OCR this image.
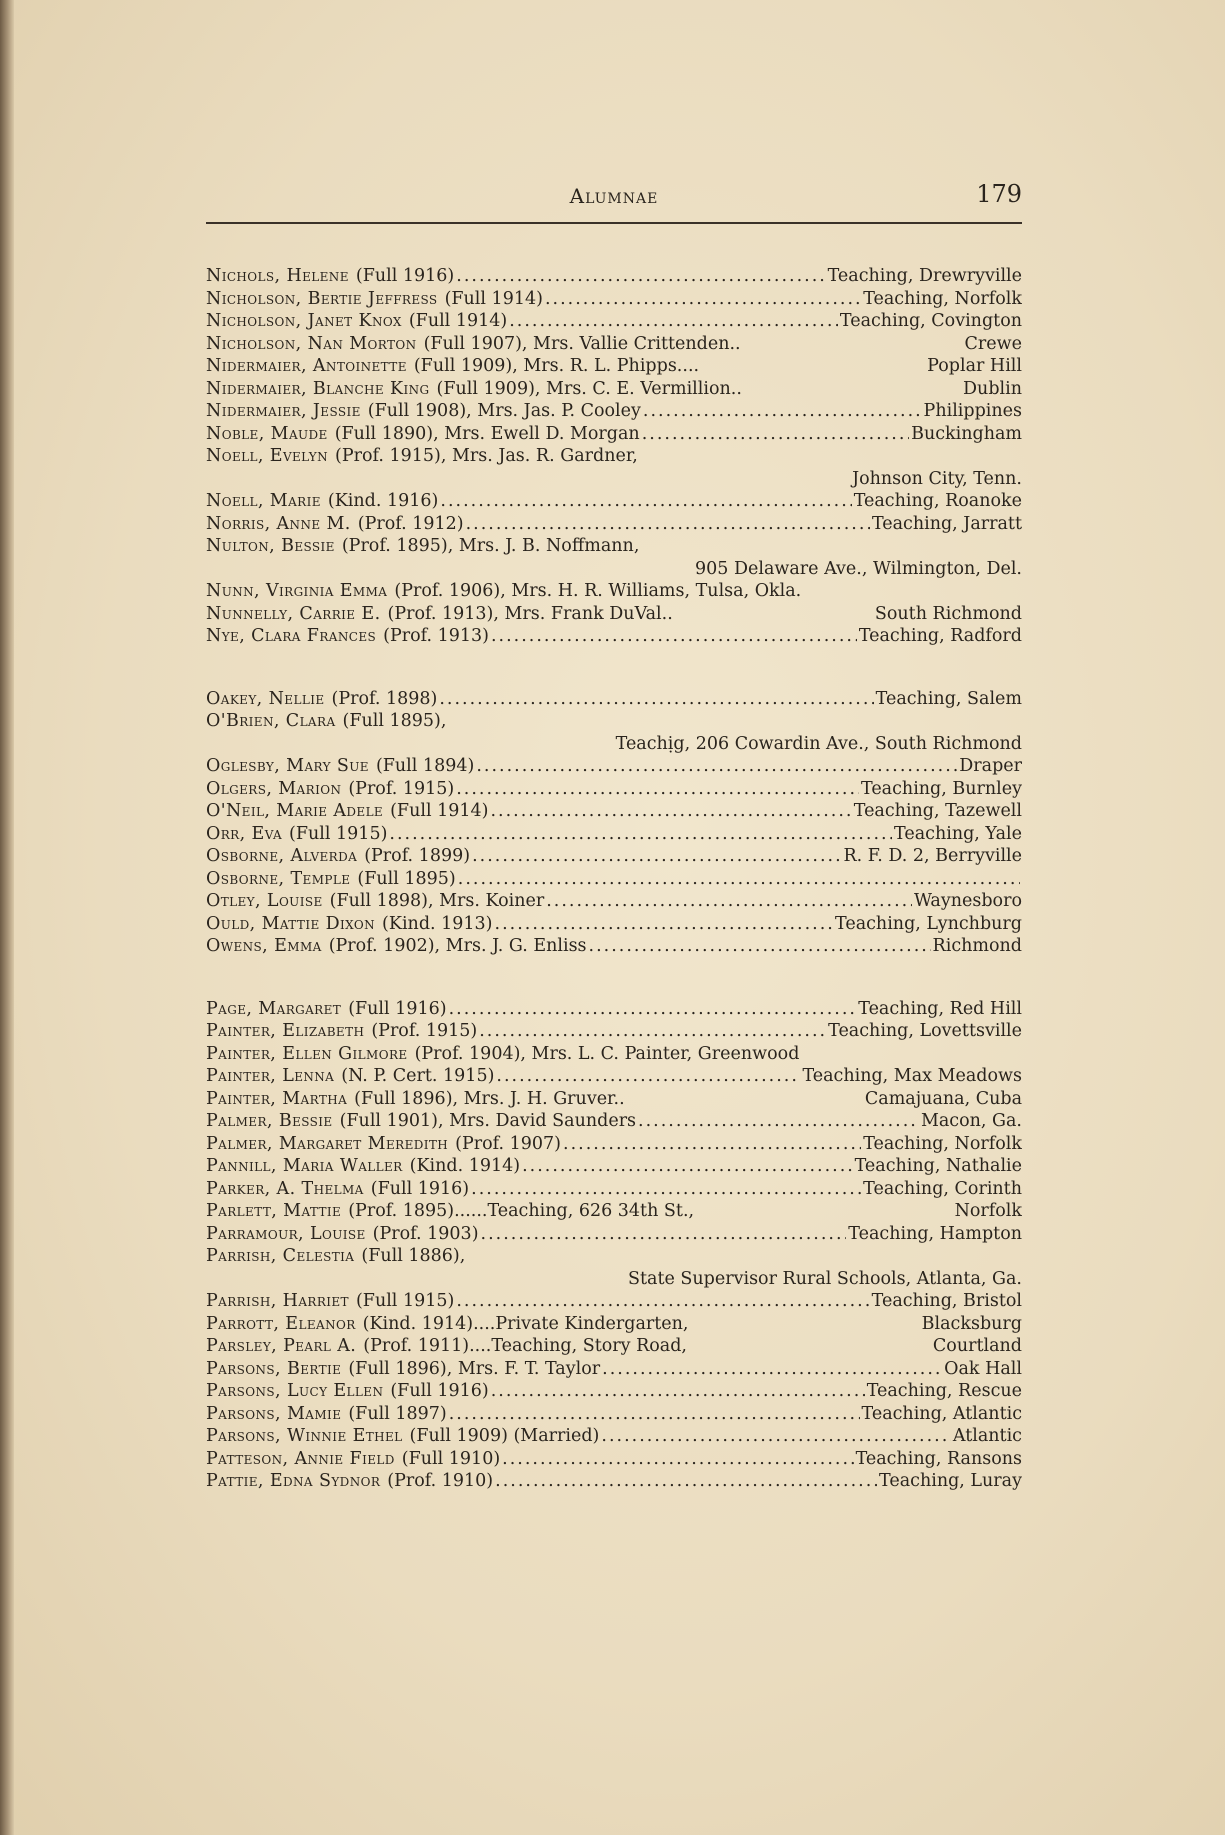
Alumnae	179
Nichols, Helene (Full 1916) .....	Teaching, Drewryville
Nicholson, Bertie Jeffress (Full 1914) .....	Teaching, Norfolk
Nicholson, Janet Knox (Full 1914) .....	Teaching, Covington
Nicholson, Nan Morton (Full 1907), Mrs. Vallie Crittenden..	Crewe
Nidermaier, Antoinette (Full 1909), Mrs. R. L. Phipps....	Poplar Hill
Nidermaier, Blanche King (Full 1909), Mrs. C. E. Vermillion..	Dublin
Nidermaier, Jessie (Full 1908), Mrs. Jas. P. Cooley .....	Philippines
Noble, Maude (Full 1890), Mrs. Ewell D. Morgan .....	Buckingham
Noell, Evelyn (Prof. 1915), Mrs. Jas. R. Gardner,
Johnson City, Tenn.
Noell, Marie (Kind. 1916) .....	Teaching, Roanoke
Norris, Anne M. (Prof. 1912) .....	Teaching, Jarratt
Nulton, Bessie (Prof. 1895), Mrs. J. B. Noffmann,
905 Delaware Ave., Wilmington, Del.
Nunn, Virginia Emma (Prof. 1906), Mrs. H. R. Williams, Tulsa, Okla.
Nunnelly, Carrie E. (Prof. 1913), Mrs. Frank DuVal..	South Richmond
Nye, Clara Frances (Prof. 1913) .....	Teaching, Radford
Oakey, Nellie (Prof. 1898) .....	Teaching, Salem
O'Brien, Clara (Full 1895),
Teachịg, 206 Cowardin Ave., South Richmond
Oglesby, Mary Sue (Full 1894) .....	Draper
Olgers, Marion (Prof. 1915) .....	Teaching, Burnley
O'Neil, Marie Adele (Full 1914) .....	Teaching, Tazewell
Orr, Eva (Full 1915) .....	Teaching, Yale
Osborne, Alverda (Prof. 1899) .....	R. F. D. 2, Berryville
Osborne, Temple (Full 1895)
.....
Otley, Louise (Full 1898), Mrs. Koiner .....	Waynesboro
Ould, Mattie Dixon (Kind. 1913) .....	Teaching, Lynchburg
Owens, Emma (Prof. 1902), Mrs. J. G. Enliss .....	Richmond
Page, Margaret (Full 1916) .....	Teaching, Red Hill
Painter, Elizabeth (Prof. 1915) .....	Teaching, Lovettsville
Painter, Ellen Gilmore (Prof. 1904), Mrs. L. C. Painter, Greenwood
Painter, Lenna (N. P. Cert. 1915) .....	Teaching, Max Meadows
Painter, Martha (Full 1896), Mrs. J. H. Gruver..	Camajuana, Cuba
Palmer, Bessie (Full 1901), Mrs. David Saunders .....	Macon, Ga.
Palmer, Margaret Meredith (Prof. 1907) .....	Teaching, Norfolk
Pannill, Maria Waller (Kind. 1914) .....	Teaching, Nathalie
Parker, A. Thelma (Full 1916) .....	Teaching, Corinth
Parlett, Mattie (Prof. 1895)......Teaching, 626 34th St.,	Norfolk
Parramour, Louise (Prof. 1903) .....	Teaching, Hampton
Parrish, Celestia (Full 1886),
State Supervisor Rural Schools, Atlanta, Ga.
Parrish, Harriet (Full 1915) .....	Teaching, Bristol
Parrott, Eleanor (Kind. 1914)....Private Kindergarten,	Blacksburg
Parsley, Pearl A. (Prof. 1911)....Teaching, Story Road,	Courtland
Parsons, Bertie (Full 1896), Mrs. F. T. Taylor .....	Oak Hall
Parsons, Lucy Ellen (Full 1916) .....	Teaching, Rescue
Parsons, Mamie (Full 1897) .....	Teaching, Atlantic
Parsons, Winnie Ethel (Full 1909) (Married) .....	Atlantic
Patteson, Annie Field (Full 1910) .....	Teaching, Ransons
Pattie, Edna Sydnor (Prof. 1910) .....	Teaching, Luray
